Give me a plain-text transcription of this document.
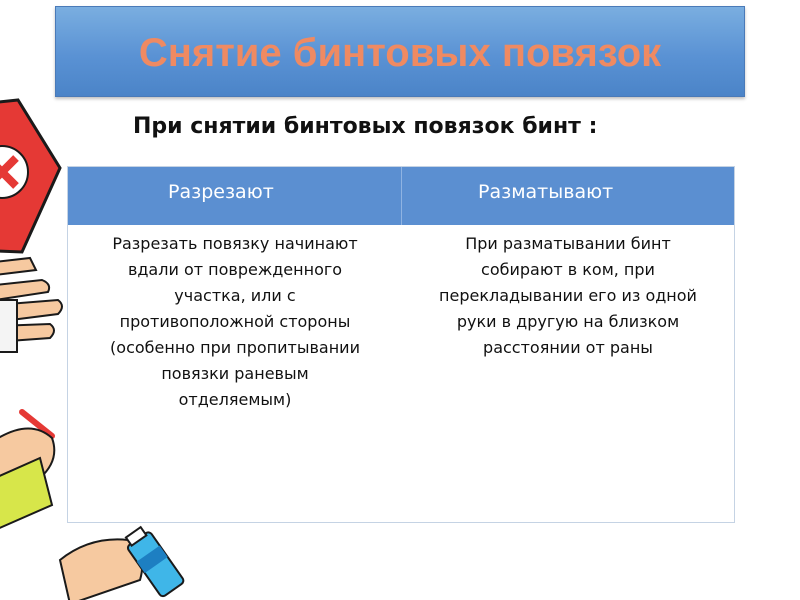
Снятие бинтовых повязок
При снятии бинтовых повязок бинт :
Разрезают	Разматывают
Разрезать повязку начинают
вдали от поврежденного
участка, или с
противоположной стороны
(особенно при пропитывании
повязки раневым
отделяемым)
При разматывании бинт
собирают в ком, при
перекладывании его из одной
руки в другую на близком
расстоянии от раны
